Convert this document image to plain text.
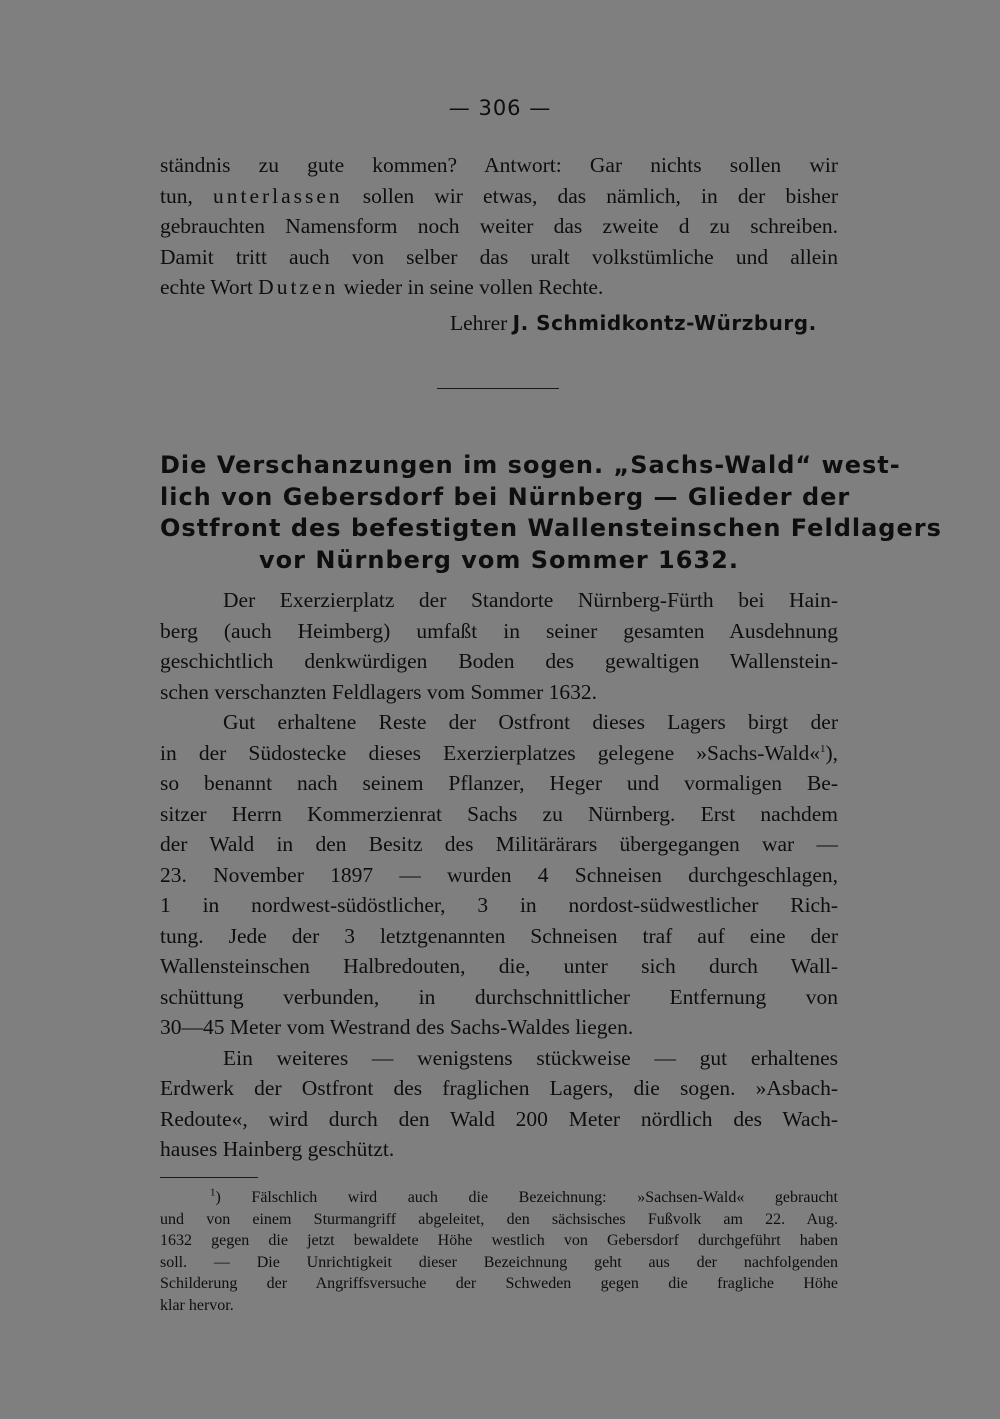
— 306 —
ständnis zu gute kommen? Antwort: Gar nichts sollen wir
tun, unterlassen sollen wir etwas, das nämlich, in der bisher
gebrauchten Namensform noch weiter das zweite d zu schreiben.
Damit tritt auch von selber das uralt volkstümliche und allein
echte Wort Dutzen wieder in seine vollen Rechte.
Lehrer J. Schmidkontz-Würzburg.
Die Verschanzungen im sogen. „Sachs-Wald“ west-
lich von Gebersdorf bei Nürnberg — Glieder der
Ostfront des befestigten Wallensteinschen Feldlagers
vor Nürnberg vom Sommer 1632.
Der Exerzierplatz der Standorte Nürnberg-Fürth bei Hain-
berg (auch Heimberg) umfaßt in seiner gesamten Ausdehnung
geschichtlich denkwürdigen Boden des gewaltigen Wallenstein-
schen verschanzten Feldlagers vom Sommer 1632.
Gut erhaltene Reste der Ostfront dieses Lagers birgt der
in der Südostecke dieses Exerzierplatzes gelegene »Sachs-Wald«$^1$),
so benannt nach seinem Pflanzer, Heger und vormaligen Be-
sitzer Herrn Kommerzienrat Sachs zu Nürnberg. Erst nachdem
der Wald in den Besitz des Militärärars übergegangen war —
23. November 1897 — wurden 4 Schneisen durchgeschlagen,
1 in nordwest-südöstlicher, 3 in nordost-südwestlicher Rich-
tung. Jede der 3 letztgenannten Schneisen traf auf eine der
Wallensteinschen Halbredouten, die, unter sich durch Wall-
schüttung verbunden, in durchschnittlicher Entfernung von
30—45 Meter vom Westrand des Sachs-Waldes liegen.
Ein weiteres — wenigstens stückweise — gut erhaltenes
Erdwerk der Ostfront des fraglichen Lagers, die sogen. »Asbach-
Redoute«, wird durch den Wald 200 Meter nördlich des Wach-
hauses Hainberg geschützt.
$^1$) Fälschlich wird auch die Bezeichnung: »Sachsen-Wald« gebraucht
und von einem Sturmangriff abgeleitet, den sächsisches Fußvolk am 22. Aug.
1632 gegen die jetzt bewaldete Höhe westlich von Gebersdorf durchgeführt haben
soll. — Die Unrichtigkeit dieser Bezeichnung geht aus der nachfolgenden
Schilderung der Angriffsversuche der Schweden gegen die fragliche Höhe
klar hervor.
